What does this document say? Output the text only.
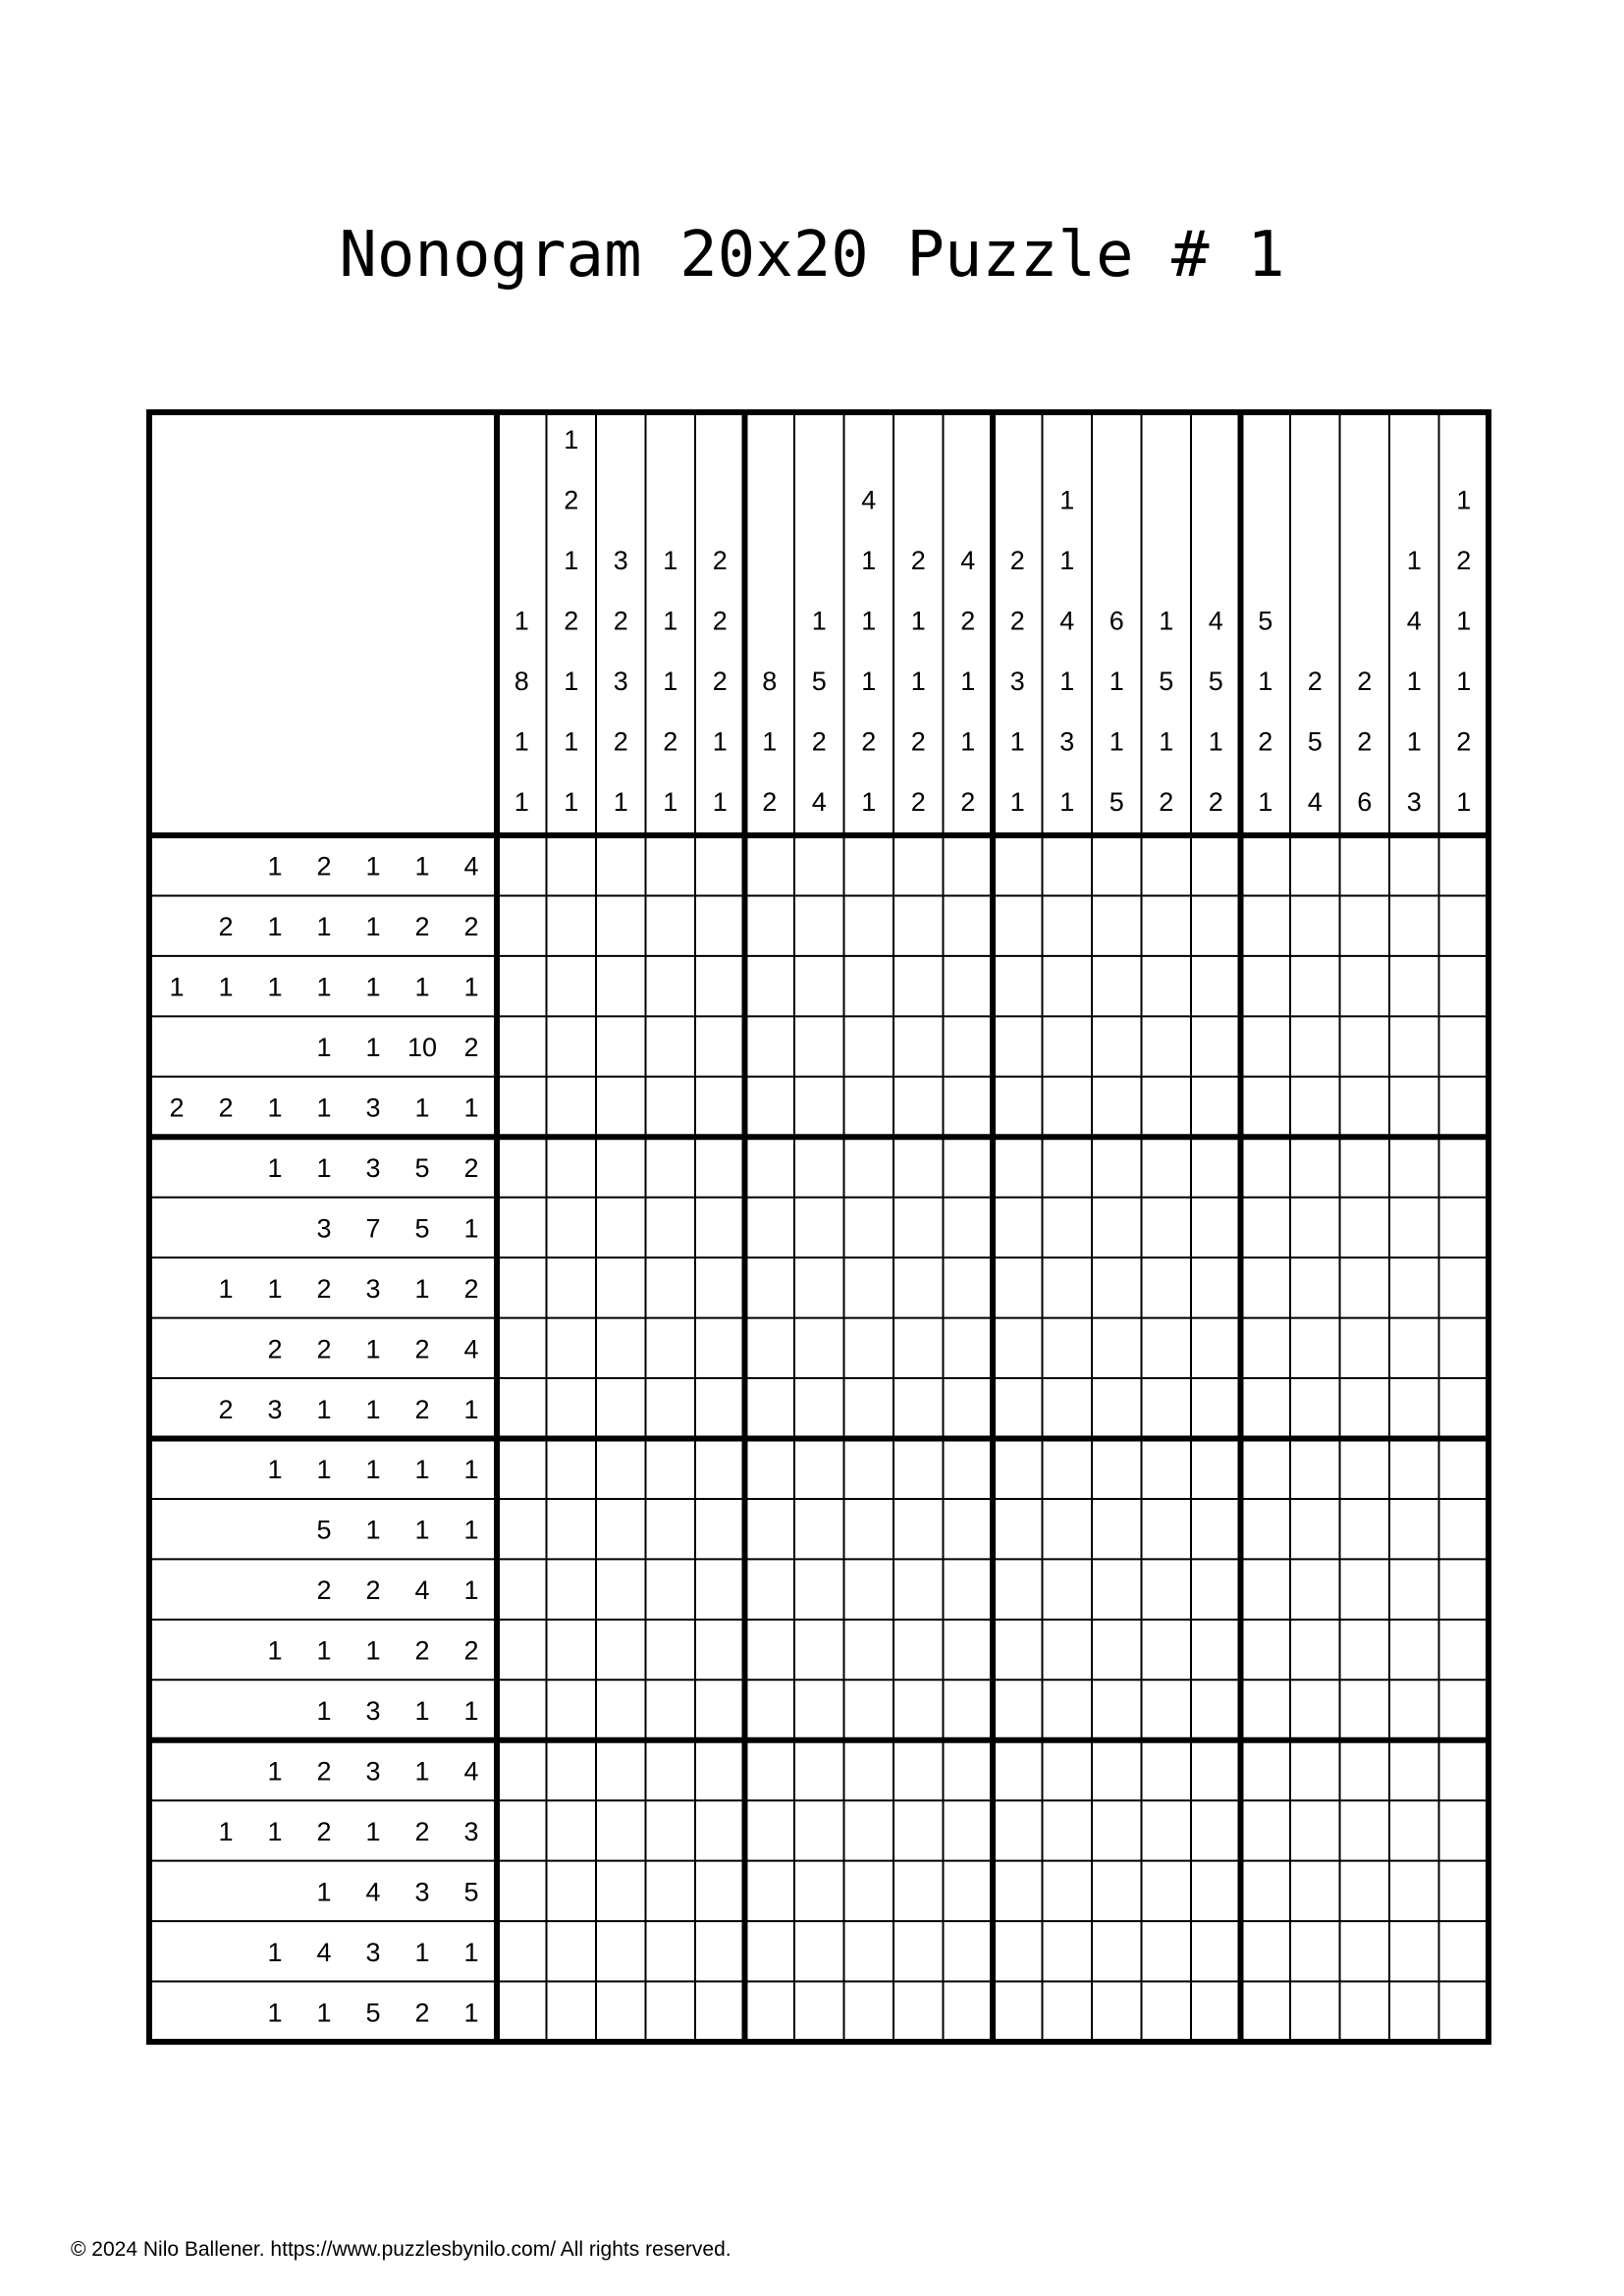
Nonogram 20x20 Puzzle # 1
1
8
1
1
1
2
1
2
1
1
1
3
2
3
2
1
1
1
1
2
1
2
2
2
1
1
8
1
2
1
5
2
4
4
1
1
1
2
1
2
1
1
2
2
4
2
1
1
2
2
2
3
1
1
1
1
4
1
3
1
6
1
1
5
1
5
1
2
4
5
1
2
5
1
2
1
2
5
4
2
2
6
1
4
1
1
3
1
2
1
1
2
1
1 2 1 1 4
2 1 1 1 2 2
1 1 1 1 1 1 1
1 1 10 2
2 2 1 1 3 1 1
1 1 3 5 2
3 7 5 1
1 1 2 3 1 2
2 2 1 2 4
2 3 1 1 2 1
1 1 1 1 1
5 1 1 1
2 2 4 1
1 1 1 2 2
1 3 1 1
1 2 3 1 4
1 1 2 1 2 3
1 4 3 5
1 4 3 1 1
1 1 5 2 1
© 2024 Nilo Ballener. https://www.puzzlesbynilo.com/ All rights reserved.
